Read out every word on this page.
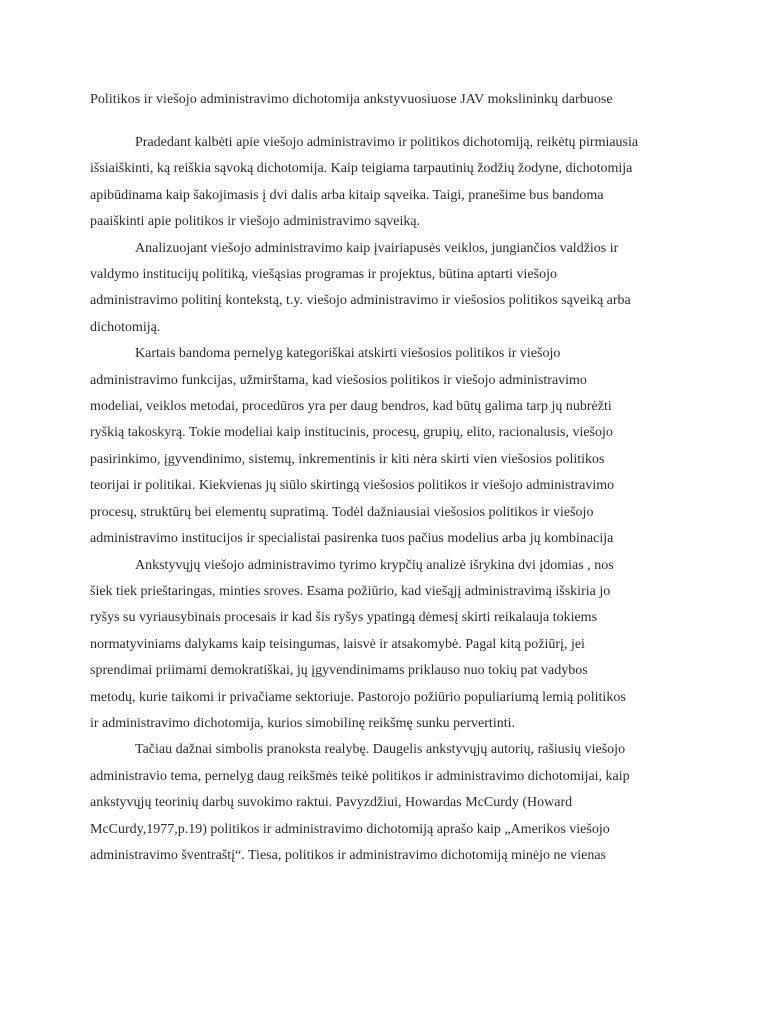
Politikos ir viešojo administravimo dichotomija ankstyvuosiuose JAV mokslininkų darbuose

Pradedant kalbėti apie viešojo administravimo ir politikos dichotomiją, reikėtų pirmiausia
išsiaiškinti, ką reiškia sąvoką dichotomija. Kaip teigiama tarpautinių žodžių žodyne, dichotomija
apibūdinama kaip šakojimasis į dvi dalis arba kitaip sąveika. Taigi, pranešime bus bandoma
paaiškinti apie politikos ir viešojo administravimo sąveiką.

Analizuojant viešojo administravimo kaip įvairiapusės veiklos, jungiančios valdžios ir
valdymo institucijų politiką, viešąsias programas ir projektus, būtina aptarti viešojo
administravimo politinį kontekstą, t.y. viešojo administravimo ir viešosios politikos sąveiką arba
dichotomiją.

Kartais bandoma pernelyg kategoriškai atskirti viešosios politikos ir viešojo
administravimo funkcijas, užmirštama, kad viešosios politikos ir viešojo administravimo
modeliai, veiklos metodai, procedūros yra per daug bendros, kad būtų galima tarp jų nubrėžti
ryškią takoskyrą. Tokie modeliai kaip institucinis, procesų, grupių, elito, racionalusis, viešojo
pasirinkimo, įgyvendinimo, sistemų, inkrementinis ir kiti nėra skirti vien viešosios politikos
teorijai ir politikai. Kiekvienas jų siūlo skirtingą viešosios politikos ir viešojo administravimo
procesų, struktūrų bei elementų supratimą. Todėl dažniausiai viešosios politikos ir viešojo
administravimo institucijos ir specialistai pasirenka tuos pačius modelius arba jų kombinacija

Ankstyvųjų viešojo administravimo tyrimo krypčių analizė išrykina dvi įdomias , nos
šiek tiek prieštaringas, minties sroves. Esama požiūrio, kad viešąjį administravimą išskiria jo
ryšys su vyriausybinais procesais ir kad šis ryšys ypatingą dėmesį skirti reikalauja tokiems
normatyviniams dalykams kaip teisingumas, laisvė ir atsakomybė. Pagal kitą požiūrį, jei
sprendimai priimami demokratiškai, jų įgyvendinimams priklauso nuo tokių pat vadybos
metodų, kurie taikomi ir privačiame sektoriuje. Pastorojo požiūrio populiariumą lemią politikos
ir administravimo dichotomija, kurios simobilinę reikšmę sunku pervertinti.

Tačiau dažnai simbolis pranoksta realybę. Daugelis ankstyvųjų autorių, rašiusių viešojo
administravio tema, pernelyg daug reikšmės teikė politikos ir administravimo dichotomijai, kaip
ankstyvųjų teorinių darbų suvokimo raktui. Pavyzdžiui, Howardas McCurdy (Howard
McCurdy,1977,p.19) politikos ir administravimo dichotomiją aprašo kaip „Amerikos viešojo
administravimo šventraštį“. Tiesa, politikos ir administravimo dichotomiją minėjo ne vienas
